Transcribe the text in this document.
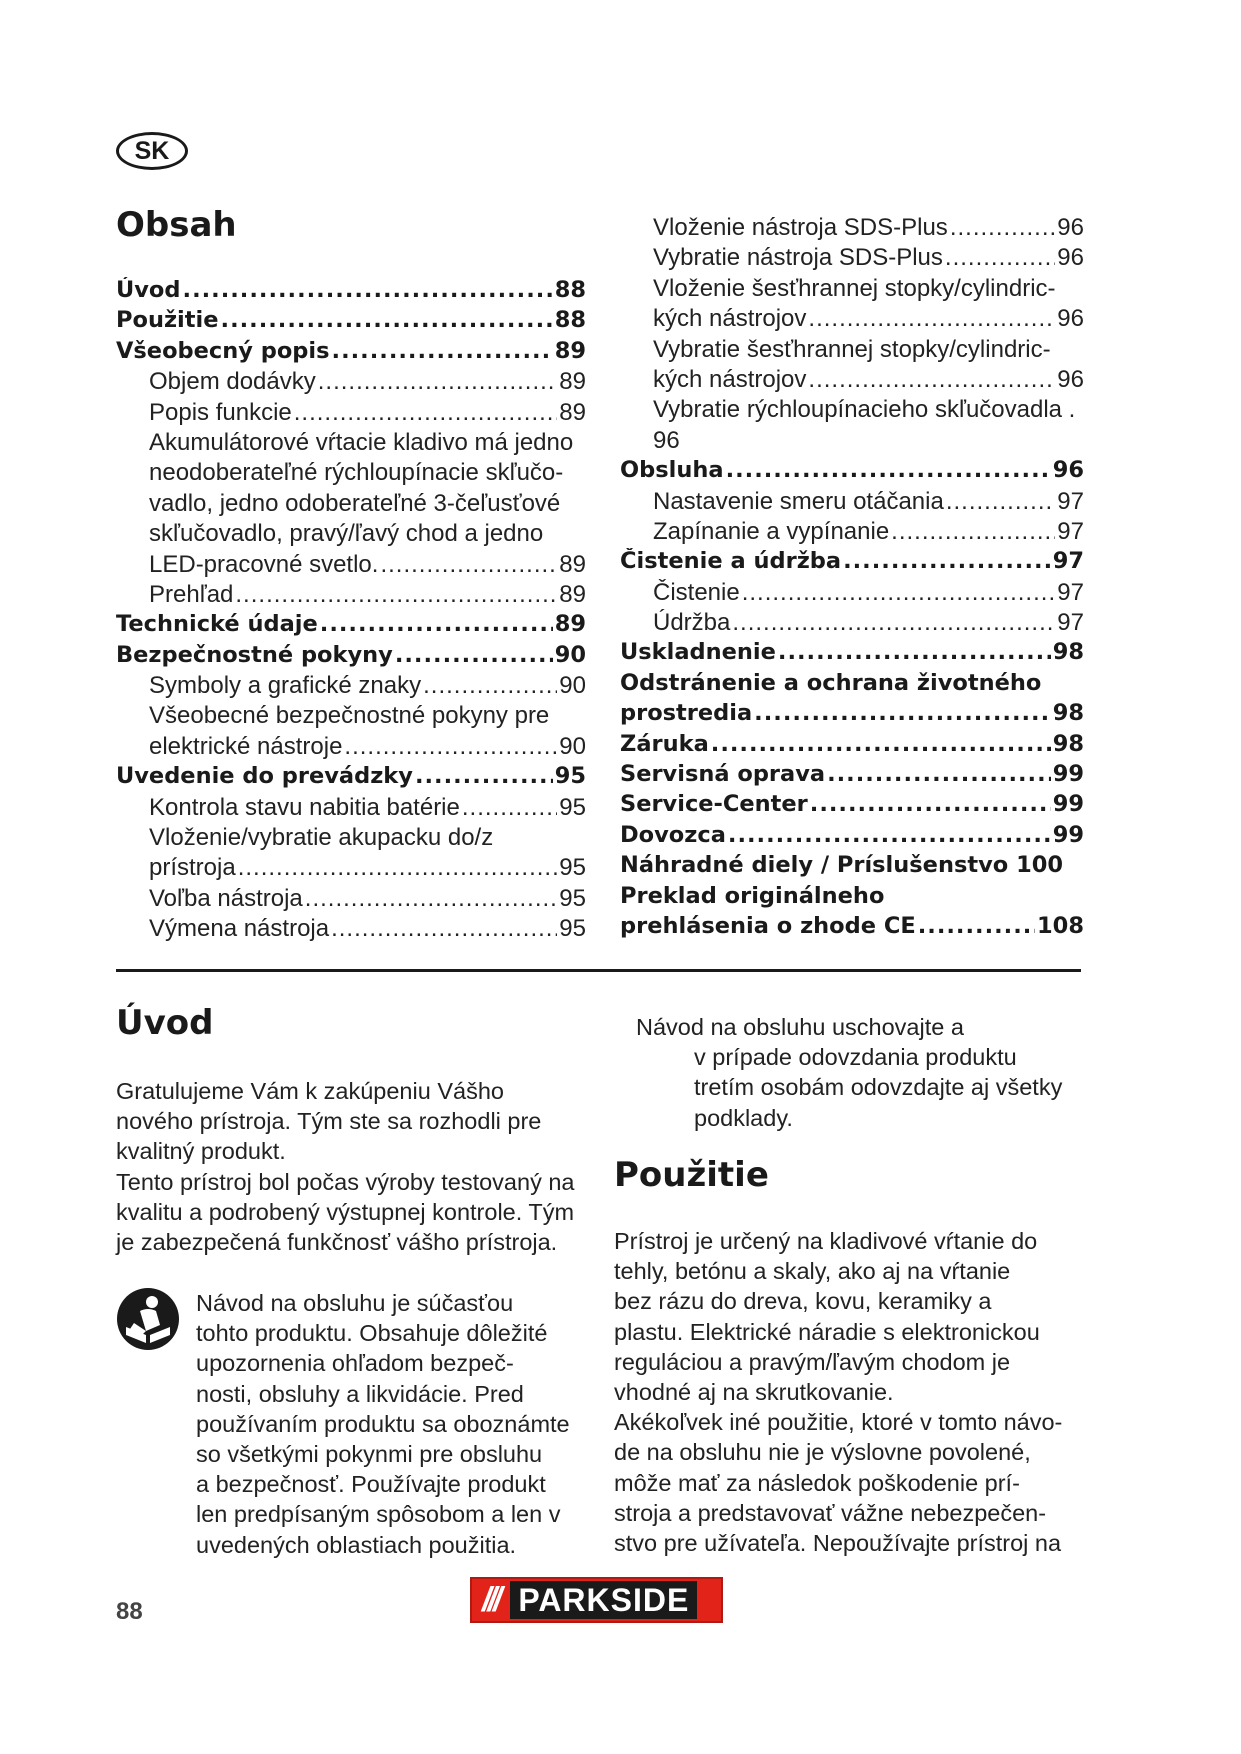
SK
Obsah
Úvod .....	88
Použitie .....	88
Všeobecný popis .....	89
Objem dodávky .....	89
Popis funkcie .....	89
Akumulátorové vŕtacie kladivo má jedno
neodoberateľné rýchloupínacie skľučo-
vadlo, jedno odoberateľné 3-čeľusťové
skľučovadlo, pravý/ľavý chod a jedno
LED-pracovné svetlo. .....	89
Prehľad .....	89
Technické údaje .....	89
Bezpečnostné pokyny .....	90
Symboly a grafické znaky .....	90
Všeobecné bezpečnostné pokyny pre
elektrické nástroje .....	90
Uvedenie do prevádzky .....	95
Kontrola stavu nabitia batérie .....	95
Vloženie/vybratie akupacku do/z
prístroja .....	95
Voľba nástroja .....	95
Výmena nástroja .....	95
Vloženie nástroja SDS-Plus .....	96
Vybratie nástroja SDS-Plus .....	96
Vloženie šesťhrannej stopky/cylindric-
kých nástrojov .....	96
Vybratie šesťhrannej stopky/cylindric-
kých nástrojov .....	96
Vybratie rýchloupínacieho skľučovadla .
96
Obsluha .....	96
Nastavenie smeru otáčania .....	97
Zapínanie a vypínanie .....	97
Čistenie a údržba .....	97
Čistenie .....	97
Údržba .....	97
Uskladnenie .....	98
Odstránenie a ochrana životného
prostredia .....	98
Záruka .....	98
Servisná oprava .....	99
Service-Center .....	99
Dovozca .....	99
Náhradné diely / Príslušenstvo 100
Preklad originálneho
prehlásenia o zhode CE .....	108
Úvod
Gratulujeme Vám k zakúpeniu Vášho
nového prístroja. Tým ste sa rozhodli pre
kvalitný produkt.
Tento prístroj bol počas výroby testovaný na
kvalitu a podrobený výstupnej kontrole. Tým
je zabezpečená funkčnosť vášho prístroja.
Návod na obsluhu je súčasťou
tohto produktu. Obsahuje dôležité
upozornenia ohľadom bezpeč-
nosti, obsluhy a likvidácie. Pred
používaním produktu sa oboznámte
so všetkými pokynmi pre obsluhu
a bezpečnosť. Používajte produkt
len predpísaným spôsobom a len v
uvedených oblastiach použitia.
Návod na obsluhu uschovajte a
v prípade odovzdania produktu
tretím osobám odovzdajte aj všetky
podklady.
Použitie
Prístroj je určený na kladivové vŕtanie do
tehly, betónu a skaly, ako aj na vŕtanie
bez rázu do dreva, kovu, keramiky a
plastu. Elektrické náradie s elektronickou
reguláciou a pravým/ľavým chodom je
vhodné aj na skrutkovanie.
Akékoľvek iné použitie, ktoré v tomto návo-
de na obsluhu nie je výslovne povolené,
môže mať za následok poškodenie prí-
stroja a predstavovať vážne nebezpečen-
stvo pre užívateľa. Nepoužívajte prístroj na
88	/// PARKSIDE
